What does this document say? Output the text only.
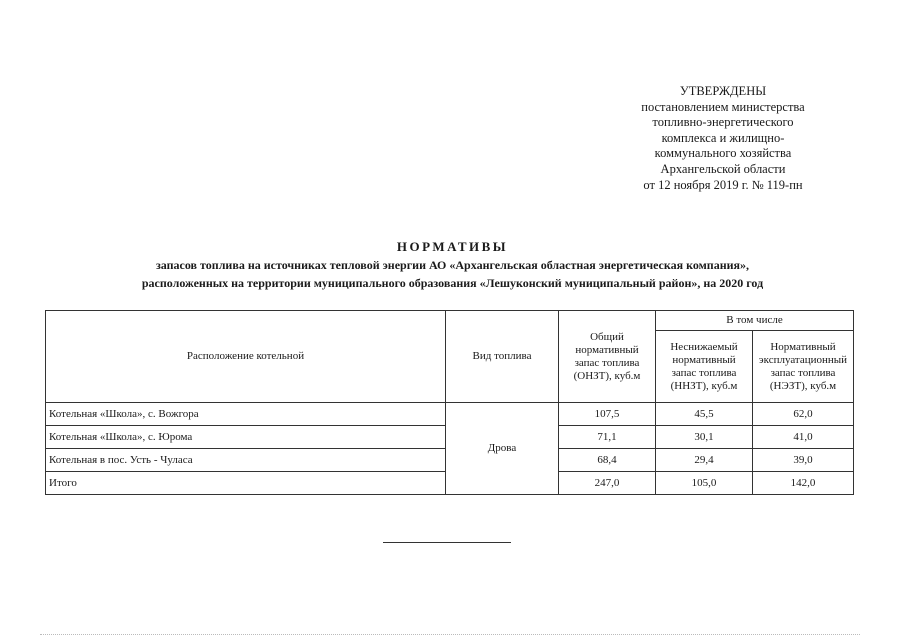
УТВЕРЖДЕНЫ
постановлением министерства
топливно-энергетического
комплекса и жилищно-
коммунального хозяйства
Архангельской области
от 12 ноября 2019 г. № 119-пн
НОРМАТИВЫ
запасов топлива на источниках тепловой энергии АО «Архангельская областная энергетическая компания»,
расположенных на территории муниципального образования «Лешуконский муниципальный район», на 2020 год
Расположение котельной	Вид топлива	Общий нормативный запас топлива (ОНЗТ), куб.м	В том числе	
			Неснижаемый нормативный запас топлива (ННЗТ), куб.м	Нормативный эксплуатационный запас топлива (НЭЗТ), куб.м
Котельная «Школа», с. Вожгора	Дрова	107,5	45,5	62,0
Котельная «Школа», с. Юрома		71,1	30,1	41,0
Котельная в пос. Усть - Чуласа		68,4	29,4	39,0
Итого		247,0	105,0	142,0
